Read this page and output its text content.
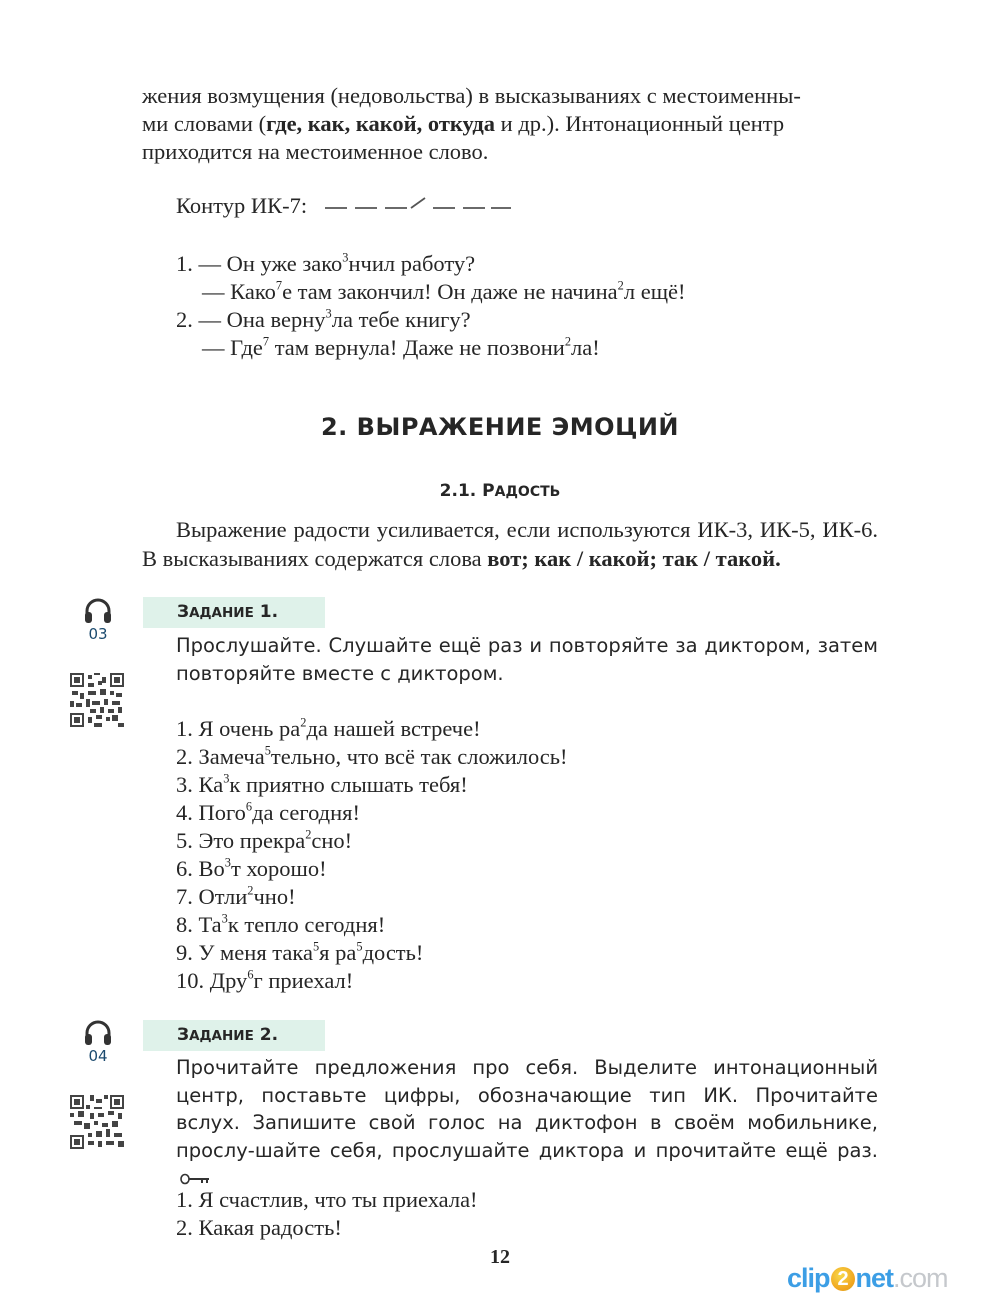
жения возмущения (недовольства) в высказываниях с местоименны-
ми словами (где, как, какой, откуда и др.). Интонационный центр
приходится на местоименное слово.
Контур ИК-7:
1. — Он уже зако$^3$нчил работу?
— Како$^7$е там закончил! Он даже не начина$^2$л ещё!
2. — Она верну$^3$ла тебе книгу?
— Где$^7$ там вернула! Даже не позвони$^2$ла!
2. ВЫРАЖЕНИЕ ЭМОЦИЙ
2.1. РАДОСТЬ
Выражение радости усиливается, если используются ИК-3, ИК-5, ИК-6. В высказываниях содержатся слова вот; как / какой; так / такой.
03
ЗАДАНИЕ 1.
Прослушайте. Слушайте ещё раз и повторяйте за диктором, затем повторяйте вместе с диктором.
1. Я очень $ра^2да$ нашей встрече!
2. Замеча$^5$тельно, что всё так сложилось!
3. $Ка^3к$ приятно слышать тебя!
4. Пого$^6$да сегодня!
5. Это прекра$^2$сно!
6. $Во^3т$ хорошо!
7. Отли$^2$чно!
8. $Та^3к$ тепло сегодня!
9. У меня така$^5$я $ра^5дость$!
10. Дру$^6$г приехал!
04
ЗАДАНИЕ 2.
Прочитайте предложения про себя. Выделите интонационный центр, поставьте цифры, обозначающие тип ИК. Прочитайте вслух. Запишите свой голос на диктофон в своём мобильнике, прослу-шайте себя, прослушайте диктора и прочитайте ещё раз.
1. Я счастлив, что ты приехала!
2. Какая радость!
12
clip 2 net .com
